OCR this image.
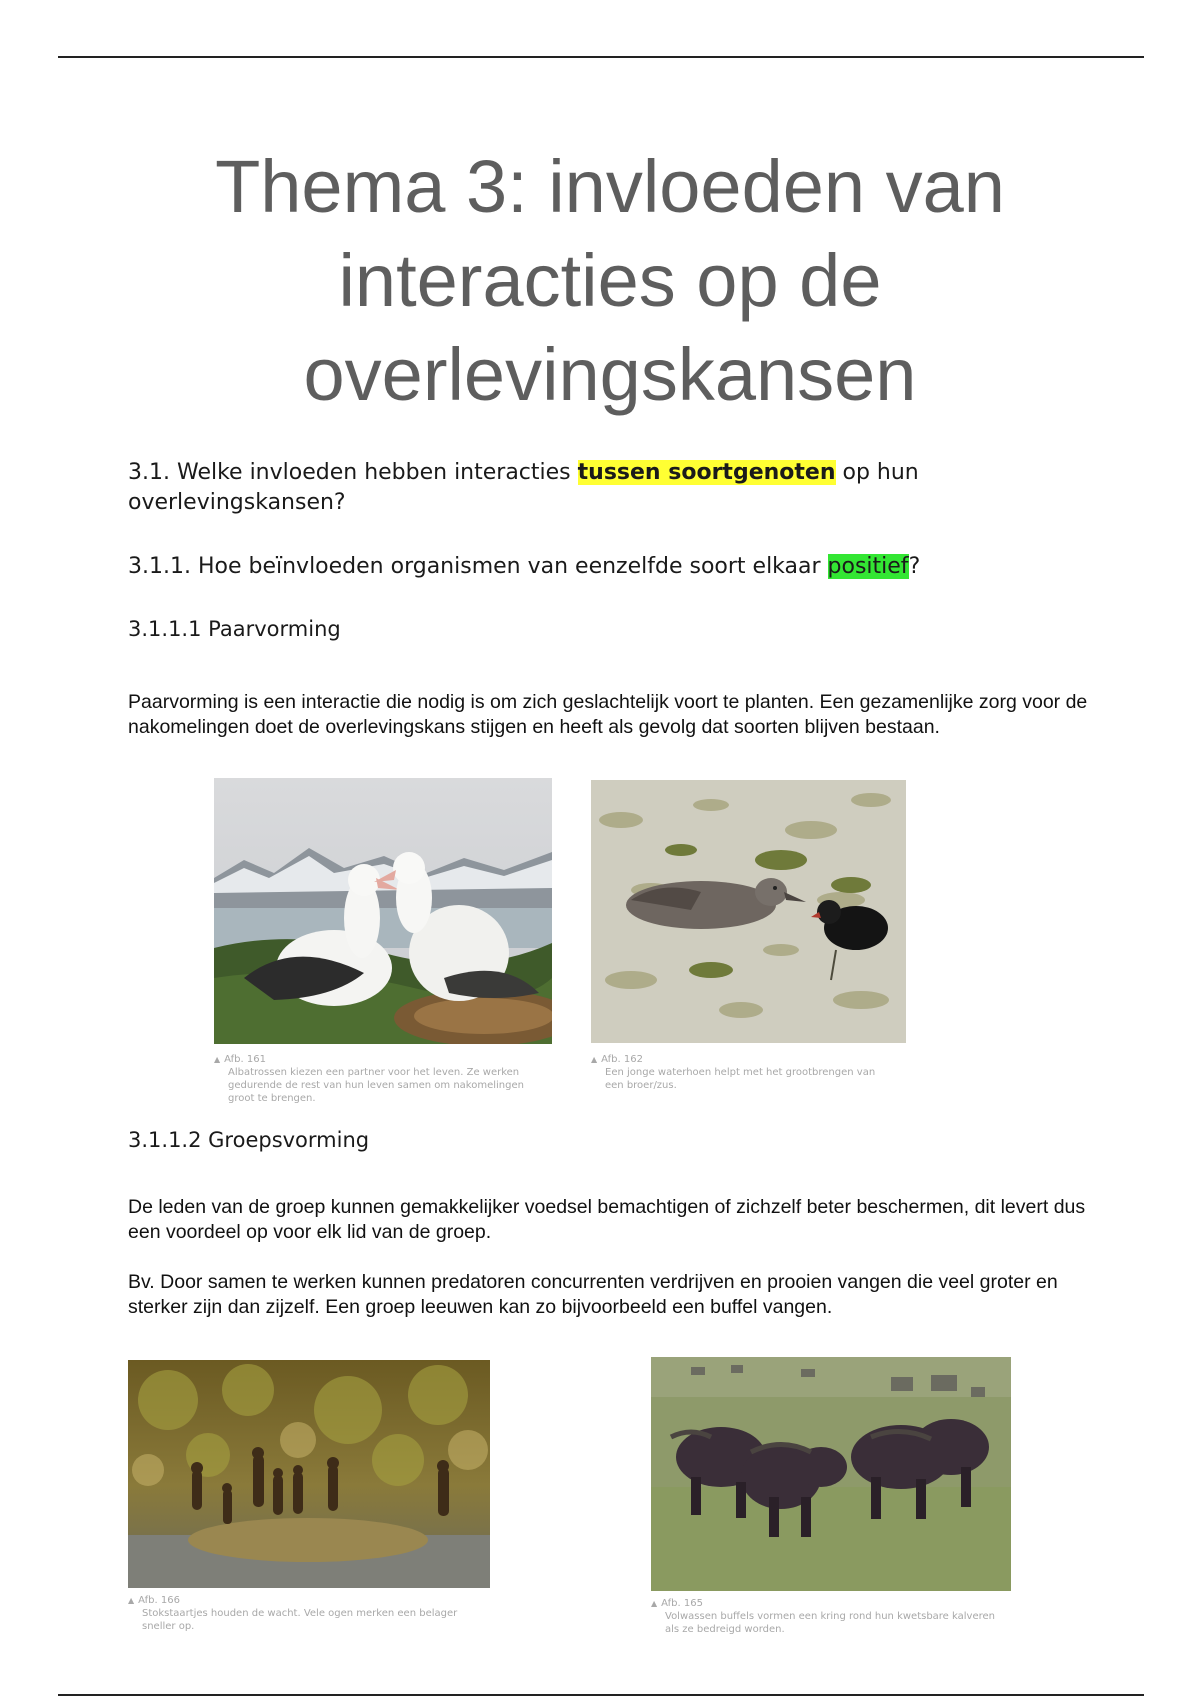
Thema 3: invloeden van
interacties op de
overlevingskansen
3.1. Welke invloeden hebben interacties tussen soortgenoten op hun overlevingskansen?
3.1.1. Hoe beïnvloeden organismen van eenzelfde soort elkaar positief?
3.1.1.1 Paarvorming
Paarvorming is een interactie die nodig is om zich geslachtelijk voort te planten. Een gezamenlijke zorg voor de nakomelingen doet de overlevingskans stijgen en heeft als gevolg dat soorten blijven bestaan.
▲ Afb. 161
Albatrossen kiezen een partner voor het leven. Ze werken gedurende de rest van hun leven samen om nakomelingen groot te brengen.
▲ Afb. 162
Een jonge waterhoen helpt met het grootbrengen van een broer/zus.
3.1.1.2 Groepsvorming
De leden van de groep kunnen gemakkelijker voedsel bemachtigen of zichzelf beter beschermen, dit levert dus een voordeel op voor elk lid van de groep.
Bv. Door samen te werken kunnen predatoren concurrenten verdrijven en prooien vangen die veel groter en sterker zijn dan zijzelf. Een groep leeuwen kan zo bijvoorbeeld een buffel vangen.
▲ Afb. 166
Stokstaartjes houden de wacht. Vele ogen merken een belager sneller op.
▲ Afb. 165
Volwassen buffels vormen een kring rond hun kwetsbare kalveren als ze bedreigd worden.
